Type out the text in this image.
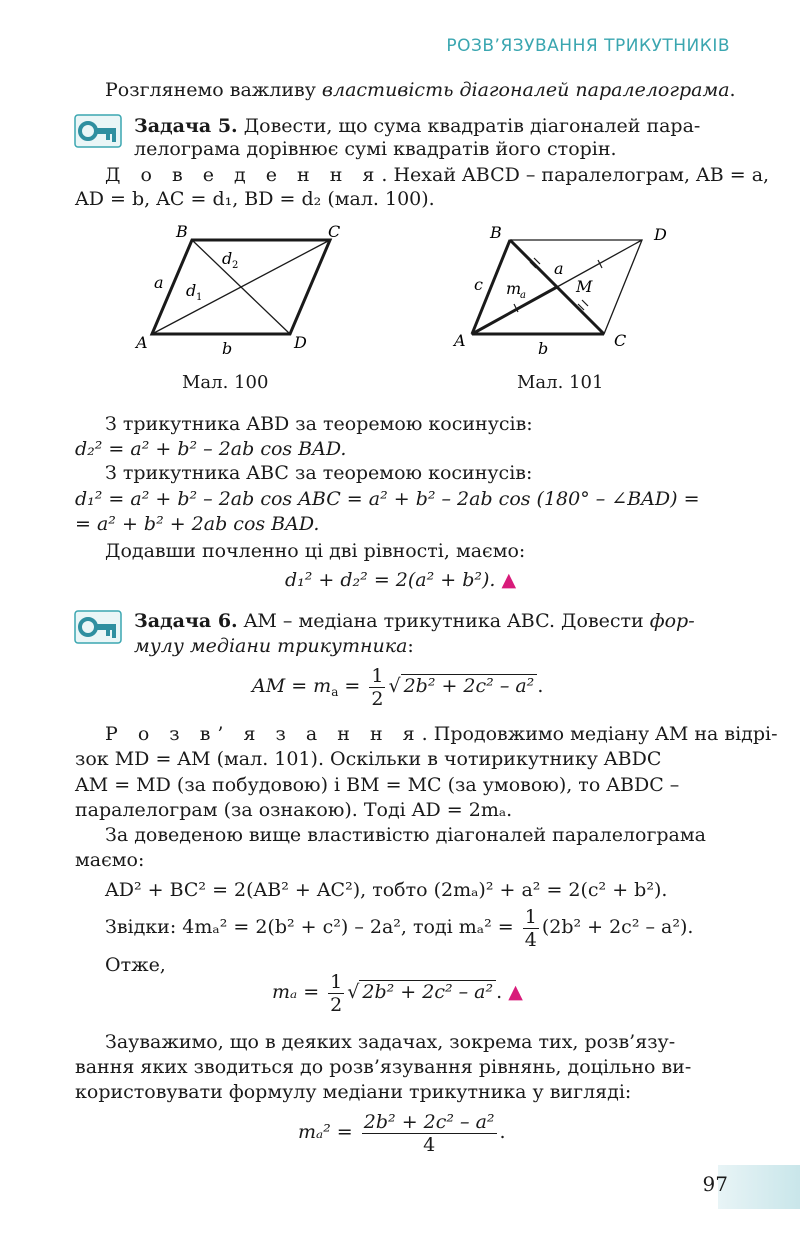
РОЗВ’ЯЗУВАННЯ ТРИКУТНИКІВ
Розглянемо важливу властивість діагоналей паралелограма.
Задача 5. Довести, що сума квадратів діагоналей пара-
лелограма дорівнює сумі квадратів його сторін.
Д о в е д е н н я. Нехай ABCD – паралелограм, AB = a,
AD = b, AC = d₁, BD = d₂ (мал. 100).
B	C
A	D
a
b
d 1
d 2
Мал. 100
B	D
A	C
M
c
a
b
m
a
Мал. 101
З трикутника ABD за теоремою косинусів:
d₂² = a² + b² – 2ab cos BAD.
З трикутника ABC за теоремою косинусів:
d₁² = a² + b² – 2ab cos ABC = a² + b² – 2ab cos (180° – ∠BAD) =
= a² + b² + 2ab cos BAD.
Додавши почленно ці дві рівності, маємо:
d₁² + d₂² = 2(a² + b²). ▲
Задача 6. AM – медіана трикутника ABC. Довести фор-
мулу медіани трикутника:
AM = $m_a = \frac{1}{2}$ √ 2b² + 2c² – a² .
Р о з в’ я з а н н я. Продовжимо медіану AM на відрі-
зок MD = AM (мал. 101). Оскільки в чотирикутнику ABDC
AM = MD (за побудовою) і BM = MC (за умовою), то ABDC –
паралелограм (за ознакою). Тоді AD = 2mₐ.
За доведеною вище властивістю діагоналей паралелограма
маємо:
AD² + BC² = 2(AB² + AC²), тобто (2mₐ)² + a² = 2(c² + b²).
Звідки: 4mₐ² = 2(b² + c²) – 2a², тоді $m_a^2 = \frac{1}{4} (2b^2 + 2c^2 - a^2)$.
Отже,
$m_a = \frac{1}{2}$ √ 2b² + 2c² – a² . ▲
Зауважимо, що в деяких задачах, зокрема тих, розв’язу-
вання яких зводиться до розв’язування рівнянь, доцільно ви-
користовувати формулу медіани трикутника у вигляді:
$m_a^2 = \frac{\text{2b² + 2c² – a²}}{4}$ .
97
